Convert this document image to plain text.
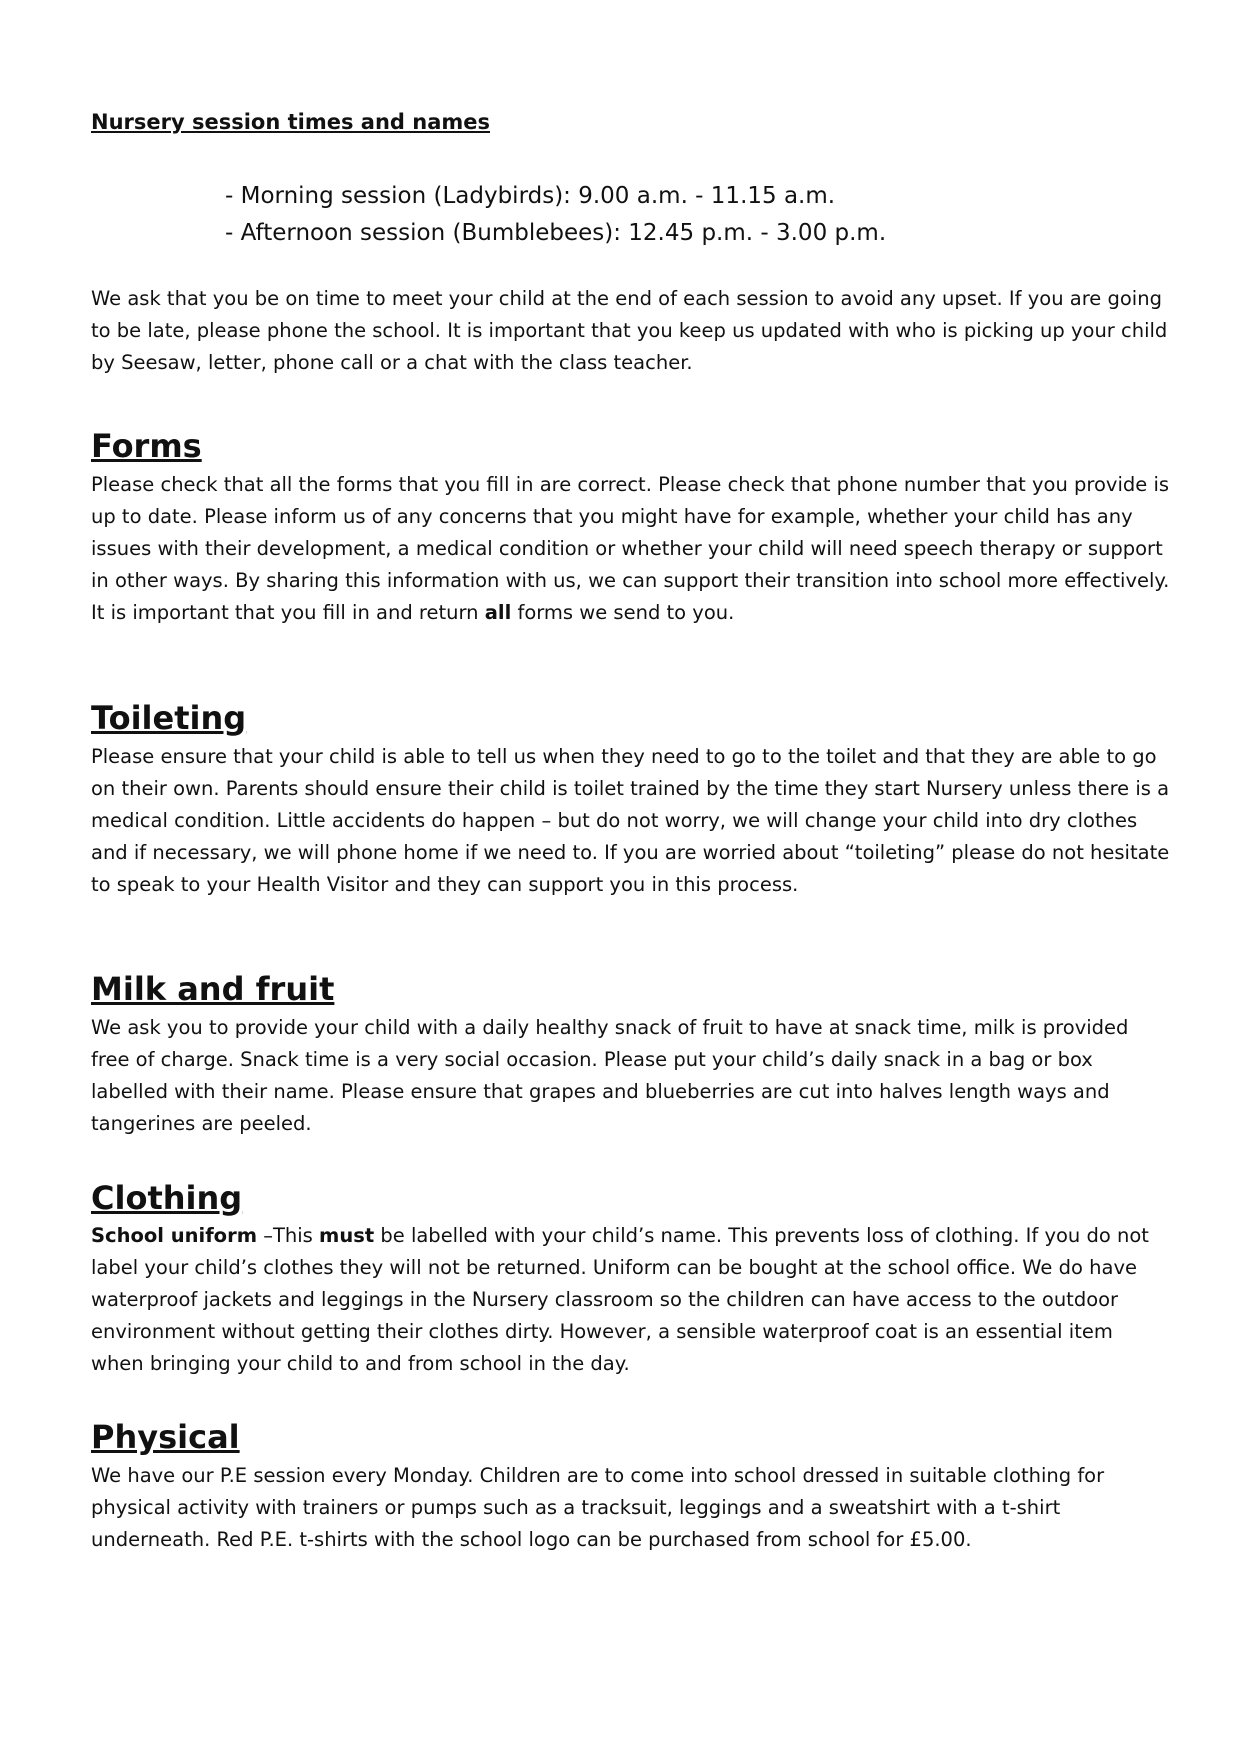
Nursery session times and names
- Morning session (Ladybirds): 9.00 a.m. - 11.15 a.m.
- Afternoon session (Bumblebees): 12.45 p.m. - 3.00 p.m.

We ask that you be on time to meet your child at the end of each session to avoid any upset. If you are going to be late, please phone the school. It is important that you keep us updated with who is picking up your child by Seesaw, letter, phone call or a chat with the class teacher.

Forms

Please check that all the forms that you fill in are correct. Please check that phone number that you provide is up to date. Please inform us of any concerns that you might have for example, whether your child has any issues with their development, a medical condition or whether your child will need speech therapy or support in other ways. By sharing this information with us, we can support their transition into school more effectively. It is important that you fill in and return all forms we send to you.

Toileting

Please ensure that your child is able to tell us when they need to go to the toilet and that they are able to go on their own. Parents should ensure their child is toilet trained by the time they start Nursery unless there is a medical condition. Little accidents do happen – but do not worry, we will change your child into dry clothes and if necessary, we will phone home if we need to. If you are worried about “toileting” please do not hesitate to speak to your Health Visitor and they can support you in this process.

Milk and fruit

We ask you to provide your child with a daily healthy snack of fruit to have at snack time, milk is provided free of charge. Snack time is a very social occasion. Please put your child’s daily snack in a bag or box labelled with their name. Please ensure that grapes and blueberries are cut into halves length ways and tangerines are peeled.

Clothing

School uniform –This must be labelled with your child’s name. This prevents loss of clothing. If you do not label your child’s clothes they will not be returned. Uniform can be bought at the school office. We do have waterproof jackets and leggings in the Nursery classroom so the children can have access to the outdoor environment without getting their clothes dirty. However, a sensible waterproof coat is an essential item when bringing your child to and from school in the day.

Physical

We have our P.E session every Monday. Children are to come into school dressed in suitable clothing for physical activity with trainers or pumps such as a tracksuit, leggings and a sweatshirt with a t-shirt underneath. Red P.E. t-shirts with the school logo can be purchased from school for £5.00.
